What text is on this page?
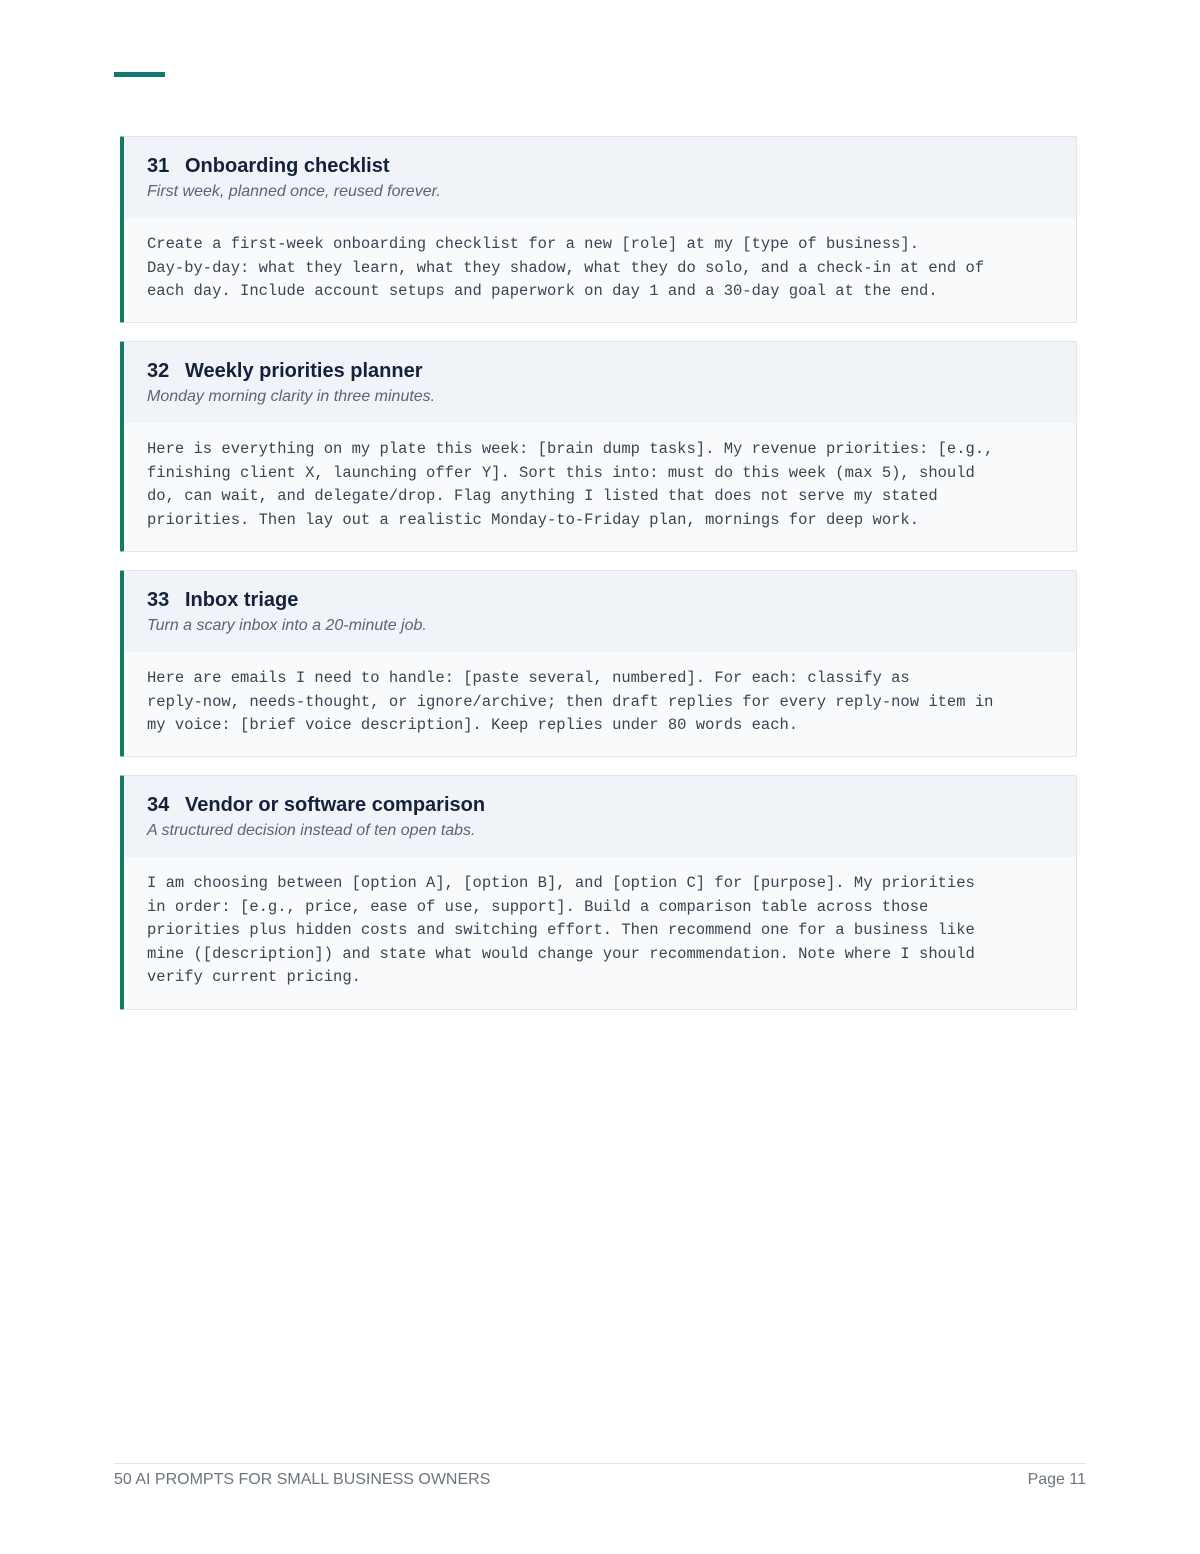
31 Onboarding checklist
First week, planned once, reused forever.
Create a first-week onboarding checklist for a new [role] at my [type of business].
Day-by-day: what they learn, what they shadow, what they do solo, and a check-in at end of
each day. Include account setups and paperwork on day 1 and a 30-day goal at the end.
32 Weekly priorities planner
Monday morning clarity in three minutes.
Here is everything on my plate this week: [brain dump tasks]. My revenue priorities: [e.g.,
finishing client X, launching offer Y]. Sort this into: must do this week (max 5), should
do, can wait, and delegate/drop. Flag anything I listed that does not serve my stated
priorities. Then lay out a realistic Monday-to-Friday plan, mornings for deep work.
33 Inbox triage
Turn a scary inbox into a 20-minute job.
Here are emails I need to handle: [paste several, numbered]. For each: classify as
reply-now, needs-thought, or ignore/archive; then draft replies for every reply-now item in
my voice: [brief voice description]. Keep replies under 80 words each.
34 Vendor or software comparison
A structured decision instead of ten open tabs.
I am choosing between [option A], [option B], and [option C] for [purpose]. My priorities
in order: [e.g., price, ease of use, support]. Build a comparison table across those
priorities plus hidden costs and switching effort. Then recommend one for a business like
mine ([description]) and state what would change your recommendation. Note where I should
verify current pricing.
50 AI PROMPTS FOR SMALL BUSINESS OWNERS	Page 11
